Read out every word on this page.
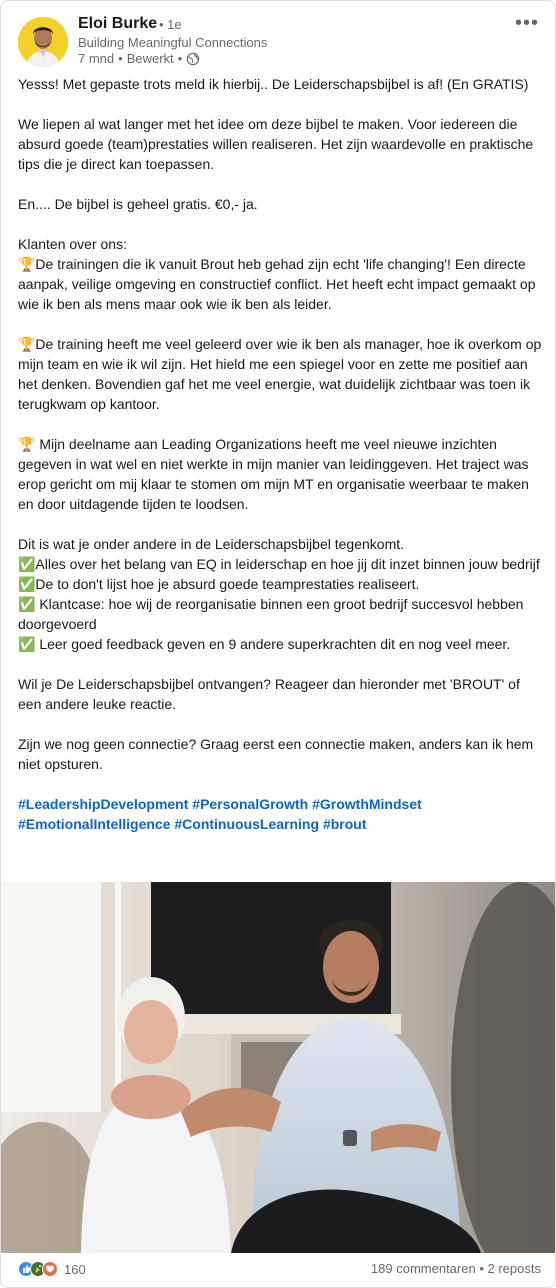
Eloi Burke • 1e
Building Meaningful Connections
7 mnd • Bewerkt •
•••
Yesss! Met gepaste trots meld ik hierbij.. De Leiderschapsbijbel is af! (En GRATIS)
We liepen al wat langer met het idee om deze bijbel te maken. Voor iedereen die absurd goede (team)prestaties willen realiseren. Het zijn waardevolle en praktische tips die je direct kan toepassen.
En.... De bijbel is geheel gratis. €0,- ja.
Klanten over ons:
🏆De trainingen die ik vanuit Brout heb gehad zijn echt 'life changing'! Een directe aanpak, veilige omgeving en constructief conflict. Het heeft echt impact gemaakt op wie ik ben als mens maar ook wie ik ben als leider.
🏆De training heeft me veel geleerd over wie ik ben als manager, hoe ik overkom op mijn team en wie ik wil zijn. Het hield me een spiegel voor en zette me positief aan het denken. Bovendien gaf het me veel energie, wat duidelijk zichtbaar was toen ik terugkwam op kantoor.
🏆 Mijn deelname aan Leading Organizations heeft me veel nieuwe inzichten gegeven in wat wel en niet werkte in mijn manier van leidinggeven. Het traject was erop gericht om mij klaar te stomen om mijn MT en organisatie weerbaar te maken en door uitdagende tijden te loodsen.
Dit is wat je onder andere in de Leiderschapsbijbel tegenkomt.
✅Alles over het belang van EQ in leiderschap en hoe jij dit inzet binnen jouw bedrijf
✅De to don't lijst hoe je absurd goede teamprestaties realiseert.
✅ Klantcase: hoe wij de reorganisatie binnen een groot bedrijf succesvol hebben doorgevoerd
✅ Leer goed feedback geven en 9 andere superkrachten dit en nog veel meer.
Wil je De Leiderschapsbijbel ontvangen? Reageer dan hieronder met 'BROUT' of een andere leuke reactie.
Zijn we nog geen connectie? Graag eerst een connectie maken, anders kan ik hem niet opsturen.
#LeadershipDevelopment #PersonalGrowth #GrowthMindset #EmotionalIntelligence #ContinuousLearning #brout
160	189 commentaren • 2 reposts
